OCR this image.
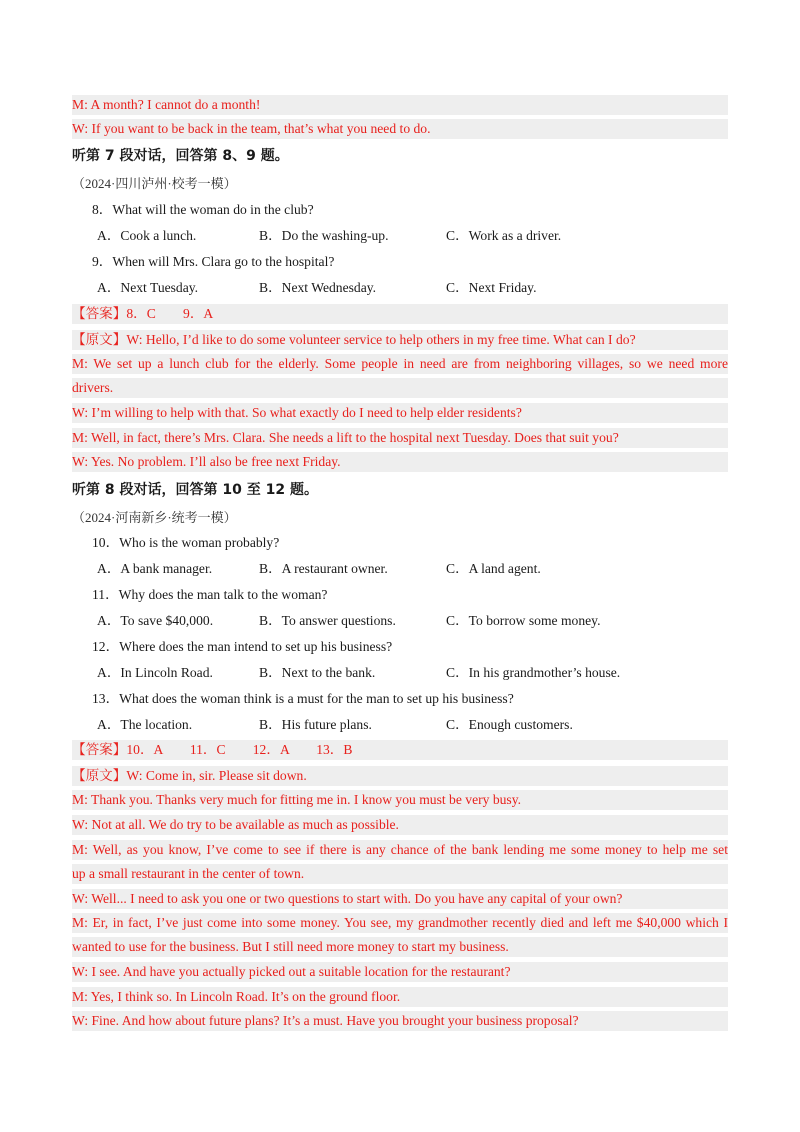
M: A month? I cannot do a month!
W: If you want to be back in the team, that’s what you need to do.
听第 7 段对话，回答第 8、9 题。
（2024·四川泸州·校考一模）
8．What will the woman do in the club?
A．Cook a lunch.	B．Do the washing-up.	C．Work as a driver.
9．When will Mrs. Clara go to the hospital?
A．Next Tuesday.	B．Next Wednesday.	C．Next Friday.
【答案】8．C　　9．A
【原文】W: Hello, I’d like to do some volunteer service to help others in my free time. What can I do?
M: We set up a lunch club for the elderly. Some people in need are from neighboring villages, so we need more
drivers.
W: I’m willing to help with that. So what exactly do I need to help elder residents?
M: Well, in fact, there’s Mrs. Clara. She needs a lift to the hospital next Tuesday. Does that suit you?
W: Yes. No problem. I’ll also be free next Friday.
听第 8 段对话，回答第 10 至 12 题。
（2024·河南新乡·统考一模）
10．Who is the woman probably?
A．A bank manager.	B．A restaurant owner.	C．A land agent.
11．Why does the man talk to the woman?
A．To save $40,000.	B．To answer questions.	C．To borrow some money.
12．Where does the man intend to set up his business?
A．In Lincoln Road.	B．Next to the bank.	C．In his grandmother’s house.
13．What does the woman think is a must for the man to set up his business?
A．The location.	B．His future plans.	C．Enough customers.
【答案】10．A　　11．C　　12．A　　13．B
【原文】W: Come in, sir. Please sit down.
M: Thank you. Thanks very much for fitting me in. I know you must be very busy.
W: Not at all. We do try to be available as much as possible.
M: Well, as you know, I’ve come to see if there is any chance of the bank lending me some money to help me set
up a small restaurant in the center of town.
W: Well... I need to ask you one or two questions to start with. Do you have any capital of your own?
M: Er, in fact, I’ve just come into some money. You see, my grandmother recently died and left me $40,000 which I
wanted to use for the business. But I still need more money to start my business.
W: I see. And have you actually picked out a suitable location for the restaurant?
M: Yes, I think so. In Lincoln Road. It’s on the ground floor.
W: Fine. And how about future plans? It’s a must. Have you brought your business proposal?
